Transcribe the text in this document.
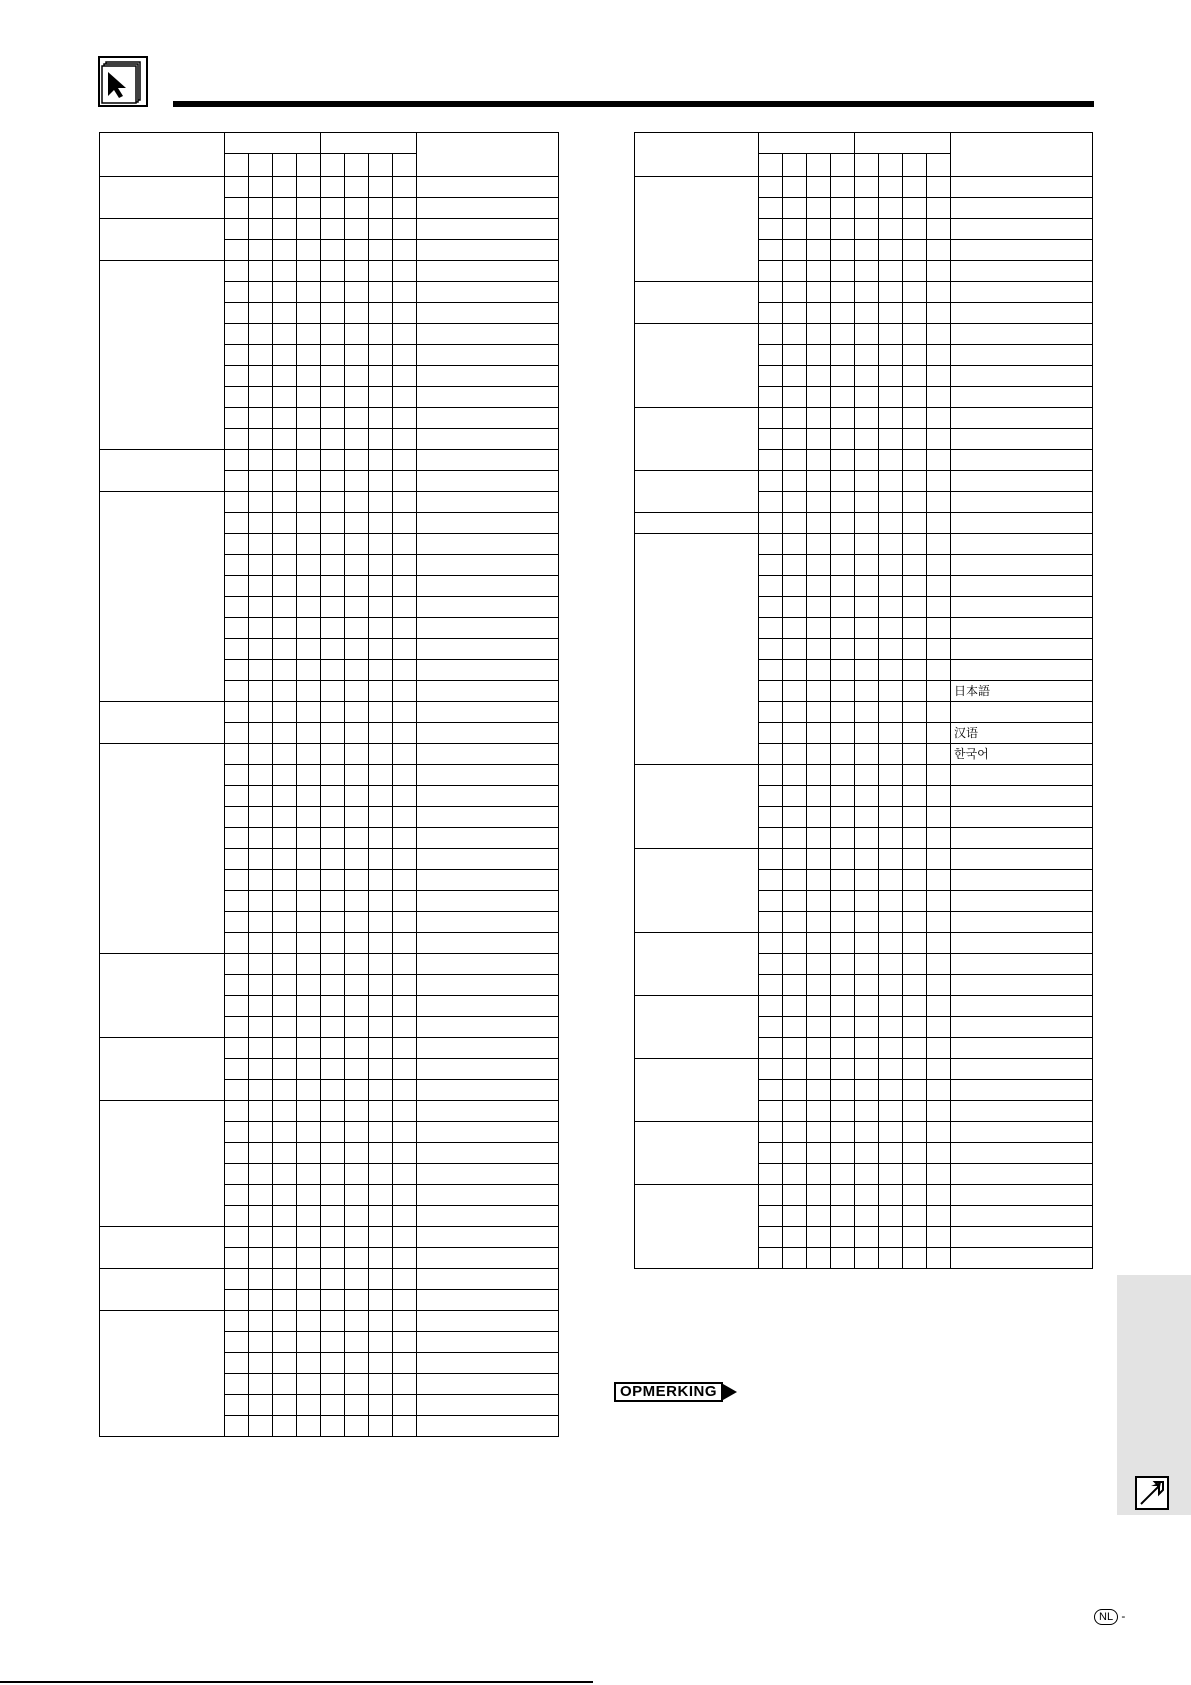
									日本語

									汉语
									한국어

OPMERKING
NL -
